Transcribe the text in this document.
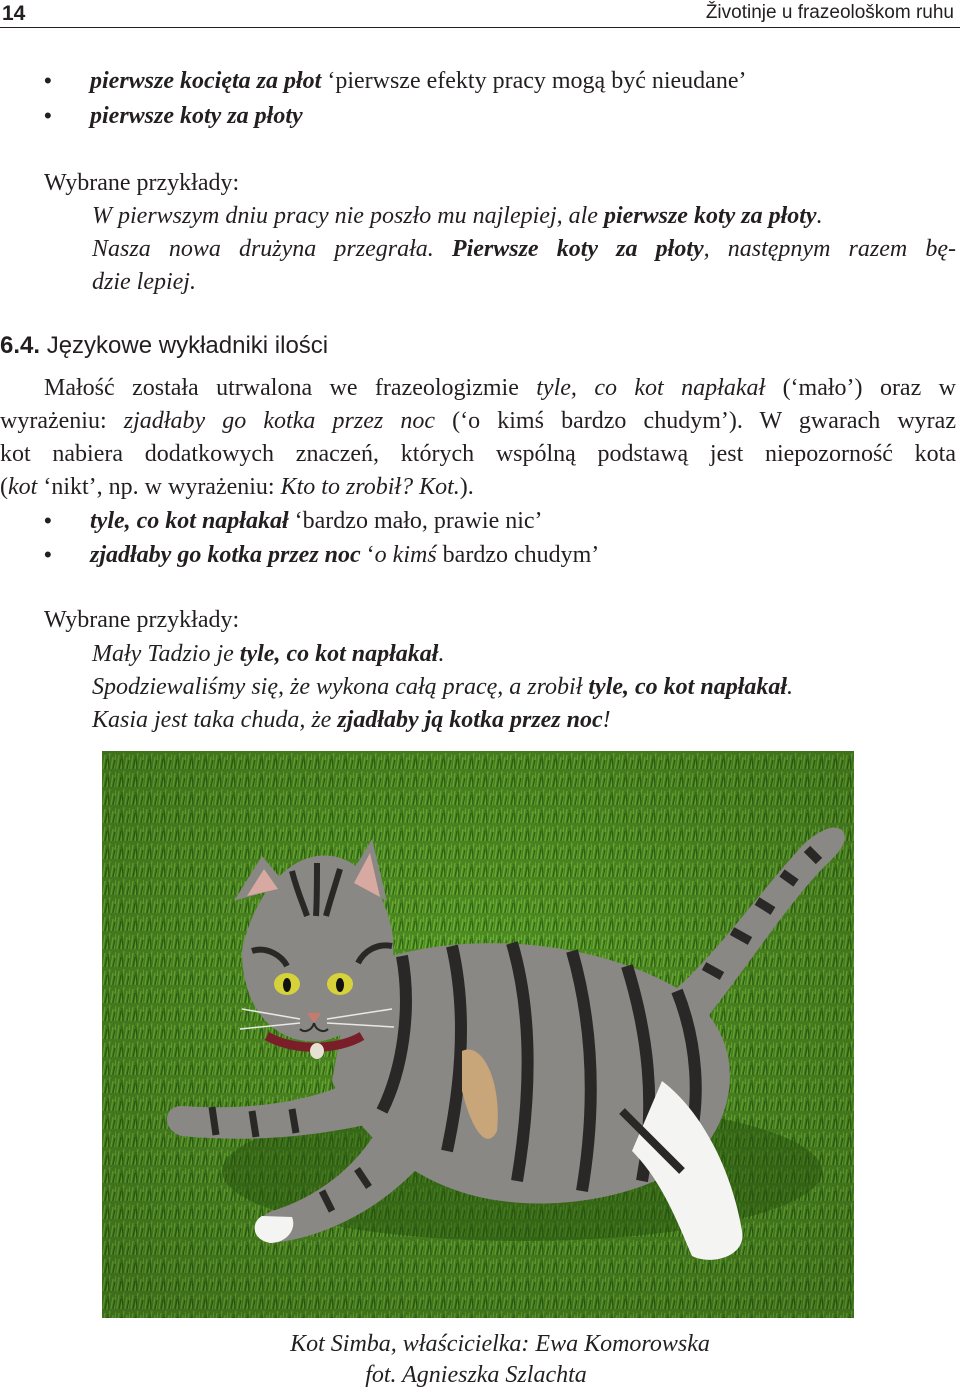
14	Životinje u frazeološkom ruhu
• pierwsze kocięta za płot ‘pierwsze efekty pracy mogą być nieudane’
• pierwsze koty za płoty
Wybrane przykłady:
W pierwszym dniu pracy nie poszło mu najlepiej, ale pierwsze koty za płoty.
Nasza nowa drużyna przegrała. Pierwsze koty za płoty, następnym razem bę-
dzie lepiej.
6.4. Językowe wykładniki ilości
Małość została utrwalona we frazeologizmie tyle, co kot napłakał (‘mało’) oraz w
wyrażeniu: zjadłaby go kotka przez noc (‘o kimś bardzo chudym’). W gwarach wyraz
kot nabiera dodatkowych znaczeń, których wspólną podstawą jest niepozorność kota
(kot ‘nikt’, np. w wyrażeniu: Kto to zrobił? Kot.).
• tyle, co kot napłakał ‘bardzo mało, prawie nic’
• zjadłaby go kotka przez noc ‘o kimś bardzo chudym’
Wybrane przykłady:
Mały Tadzio je tyle, co kot napłakał.
Spodziewaliśmy się, że wykona całą pracę, a zrobił tyle, co kot napłakał.
Kasia jest taka chuda, że zjadłaby ją kotka przez noc!
Kot Simba, właścicielka: Ewa Komorowska
fot. Agnieszka Szlachta
